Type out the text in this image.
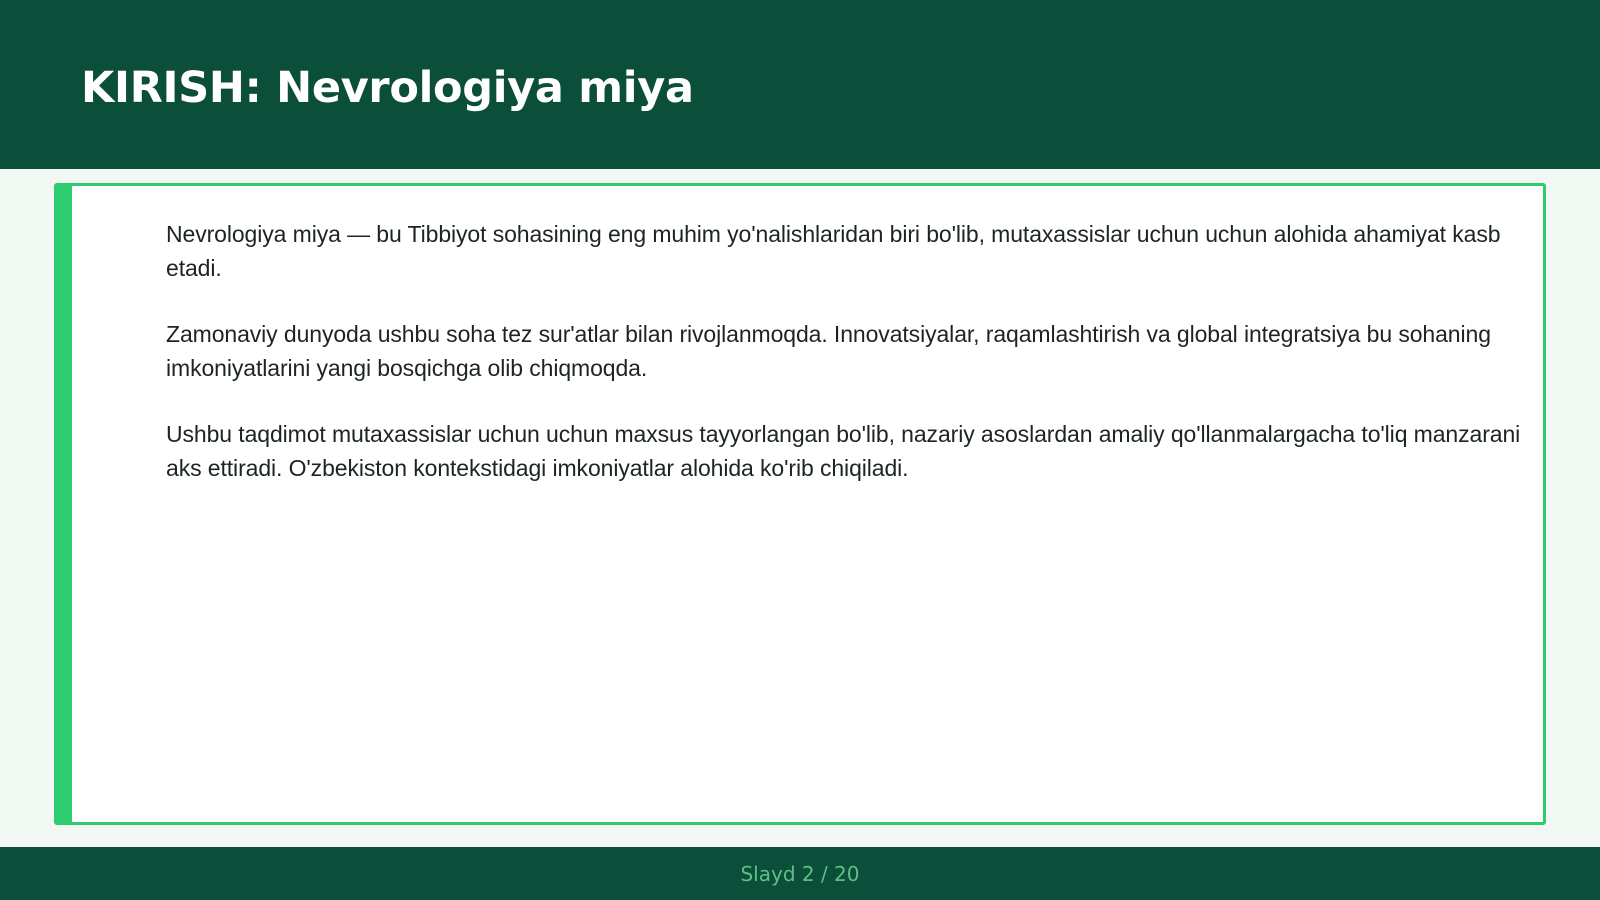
KIRISH: Nevrologiya miya

Nevrologiya miya — bu Tibbiyot sohasining eng muhim yo'nalishlaridan biri bo'lib, mutaxassislar uchun uchun alohida ahamiyat kasb etadi.

Zamonaviy dunyoda ushbu soha tez sur'atlar bilan rivojlanmoqda. Innovatsiyalar, raqamlashtirish va global integratsiya bu sohaning imkoniyatlarini yangi bosqichga olib chiqmoqda.

Ushbu taqdimot mutaxassislar uchun uchun maxsus tayyorlangan bo'lib, nazariy asoslardan amaliy qo'llanmalargacha to'liq manzarani aks ettiradi. O'zbekiston kontekstidagi imkoniyatlar alohida ko'rib chiqiladi.

Slayd 2 / 20
